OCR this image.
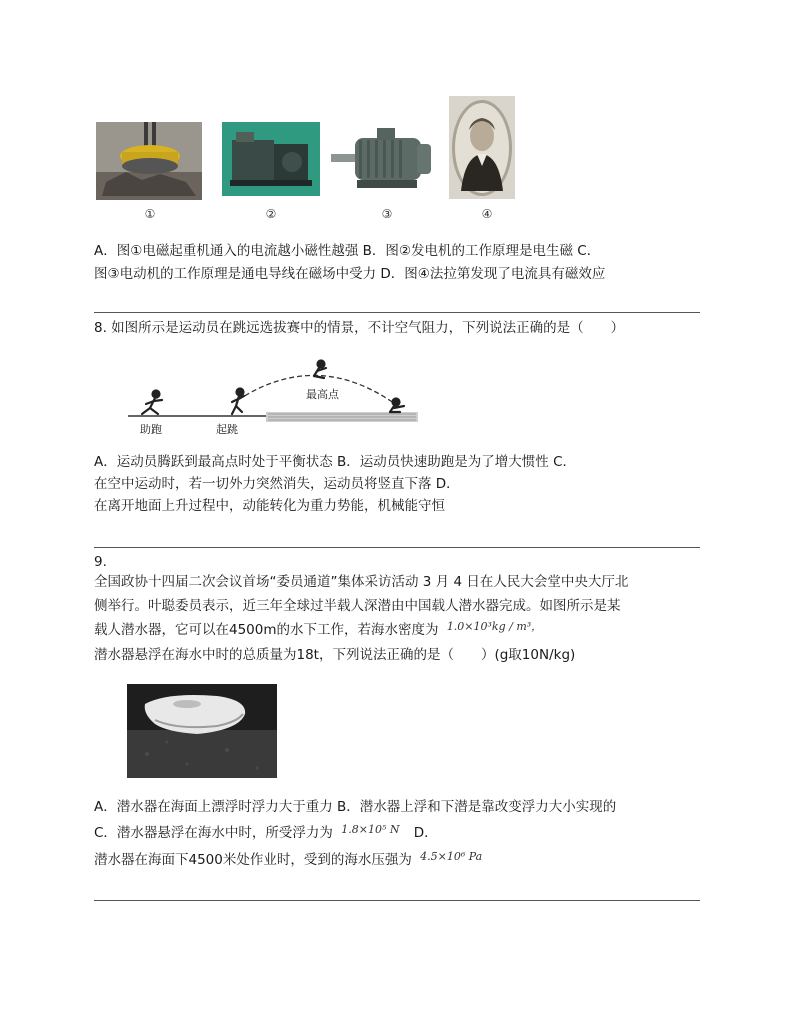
①	②	③	④
A．图①电磁起重机通入的电流越小磁性越强 B．图②发电机的工作原理是电生磁 C．
图③电动机的工作原理是通电导线在磁场中受力 D．图④法拉第发现了电流具有磁效应
8. 如图所示是运动员在跳远选拔赛中的情景，不计空气阻力，下列说法正确的是（　　）
助跑	起跳
最高点
A．运动员腾跃到最高点时处于平衡状态 B．运动员快速助跑是为了增大惯性 C．
在空中运动时，若一切外力突然消失，运动员将竖直下落 D．
在离开地面上升过程中，动能转化为重力势能，机械能守恒
9.
全国政协十四届二次会议首场“委员通道”集体采访活动 3 月 4 日在人民大会堂中央大厅北
侧举行。叶聪委员表示，近三年全球过半载人深潜由中国载人潜水器完成。如图所示是某
载人潜水器，它可以在4500m的水下工作，若海水密度为 $^{1.0\times 10^3kg / m^3,}$
潜水器悬浮在海水中时的总质量为18t，下列说法正确的是（　　）(g取10N/kg)
A．潜水器在海面上漂浮时浮力大于重力 B．潜水器上浮和下潜是靠改变浮力大小实现的
C．潜水器悬浮在海水中时，所受浮力为 $^{1.8\times 10^5 N}$ D．
潜水器在海面下4500米处作业时，受到的海水压强为 $^{4.5\times 10^6 Pa}$
